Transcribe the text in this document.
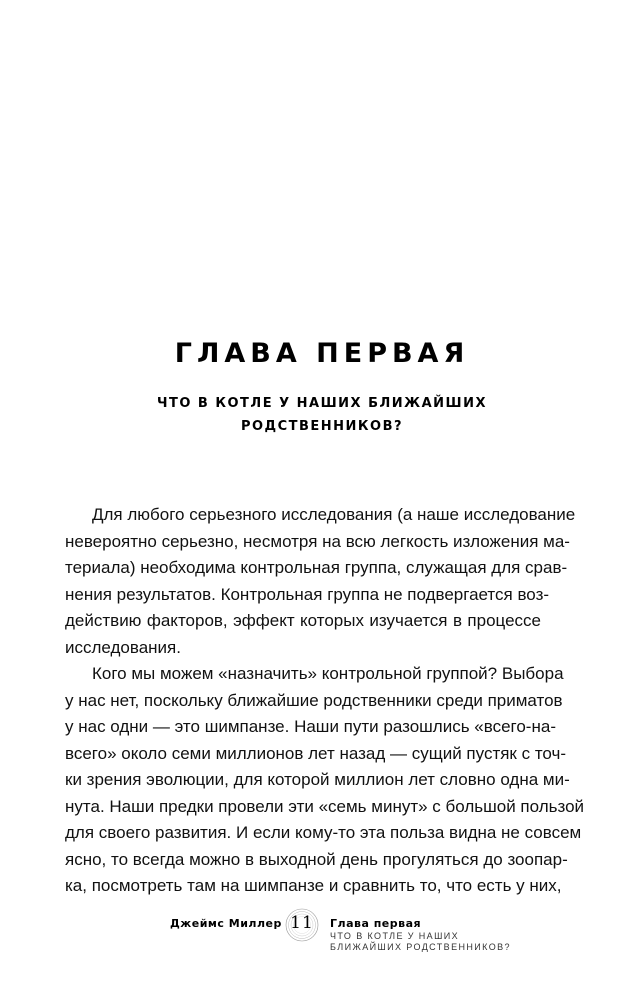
ГЛАВА ПЕРВАЯ
ЧТО В КОТЛЕ У НАШИХ БЛИЖАЙШИХ
РОДСТВЕННИКОВ?
Для любого серьезного исследования (а наше исследование
невероятно серьезно, несмотря на всю легкость изложения ма-
териала) необходима контрольная группа, служащая для срав-
нения результатов. Контрольная группа не подвергается воз-
действию факторов, эффект которых изучается в процессе
исследования.
Кого мы можем «назначить» контрольной группой? Выбора
у нас нет, поскольку ближайшие родственники среди приматов
у нас одни — это шимпанзе. Наши пути разошлись «всего-на-
всего» около семи миллионов лет назад — сущий пустяк с точ-
ки зрения эволюции, для которой миллион лет словно одна ми-
нута. Наши предки провели эти «семь минут» с большой пользой
для своего развития. И если кому-то эта польза видна не совсем
ясно, то всегда можно в выходной день прогуляться до зоопар-
ка, посмотреть там на шимпанзе и сравнить то, что есть у них,
Джеймс Миллер 11	Глава первая
ЧТО В КОТЛЕ У НАШИХ
БЛИЖАЙШИХ РОДСТВЕННИКОВ?
